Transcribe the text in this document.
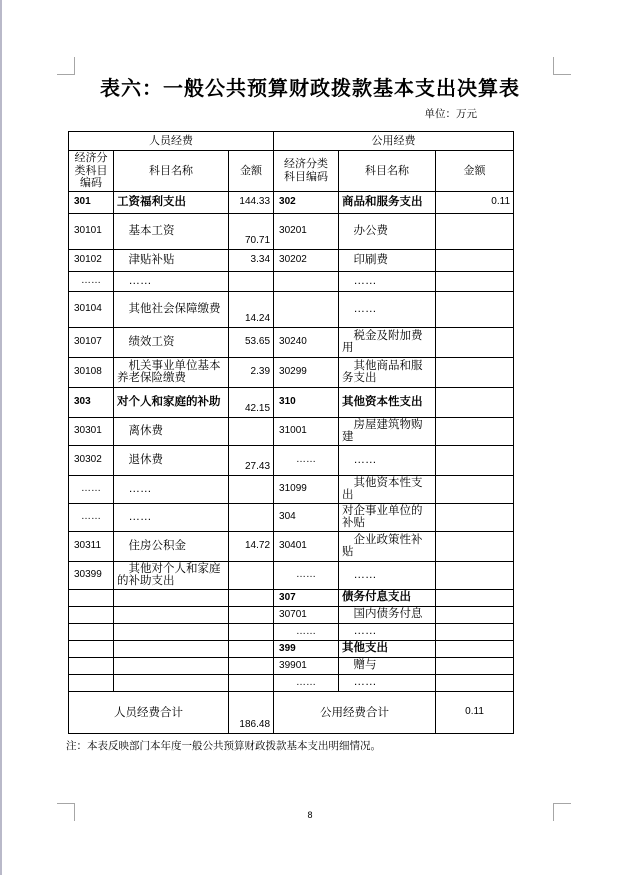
表六：一般公共预算财政拨款基本支出决算表
单位：万元
人员经费			公用经费		
经济分类科目编码	科目名称	金额	经济分类科目编码	科目名称	金额
301	工资福利支出	144.33	302	商品和服务支出	0.11
30101	基本工资	70.71	30201	办公费	
30102	津贴补贴	3.34	30202	印刷费	
……	……			……	
30104	其他社会保障缴费	14.24		……	
30107	绩效工资	53.65	30240	税金及附加费用	
30108	机关事业单位基本养老保险缴费	2.39	30299	其他商品和服务支出	
303	对个人和家庭的补助	42.15	310	其他资本性支出	
30301	离休费		31001	房屋建筑物购建	
30302	退休费	27.43	……	……	
……	……		31099	其他资本性支出	
……	……		304	对企事业单位的补贴	
30311	住房公积金	14.72	30401	企业政策性补贴	
30399	其他对个人和家庭的补助支出		……	……	
			307	债务付息支出	
			30701	国内债务付息	
			……	……	
			399	其他支出	
			39901	赠与	
			……	……	
人员经费合计		186.48	公用经费合计		0.11
注：本表反映部门本年度一般公共预算财政拨款基本支出明细情况。
8
